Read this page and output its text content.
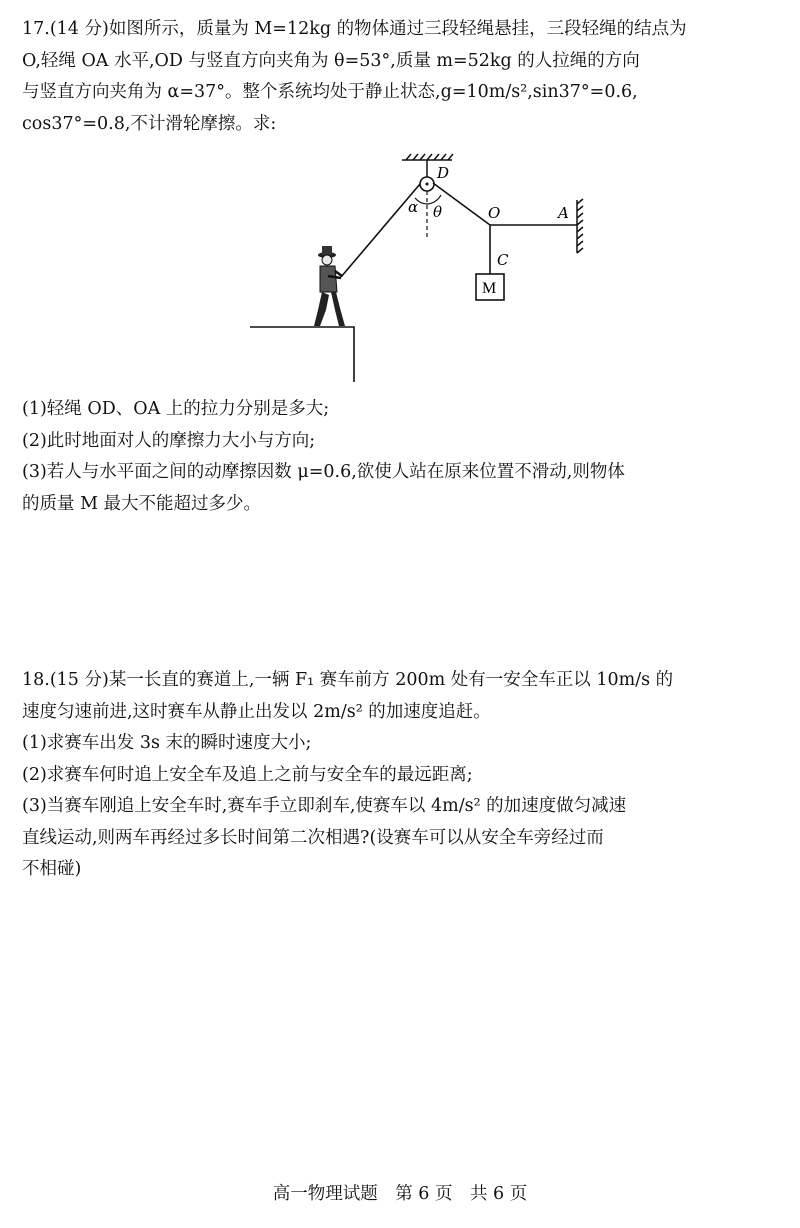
17.(14 分)如图所示，质量为 M=12kg 的物体通过三段轻绳悬挂，三段轻绳的结点为
O,轻绳 OA 水平,OD 与竖直方向夹角为 θ=53°,质量 m=52kg 的人拉绳的方向
与竖直方向夹角为 α=37°。整个系统均处于静止状态,g=10m/s²,sin37°=0.6,
cos37°=0.8,不计滑轮摩擦。求:
D
α θ	O	A
C
M
(1)轻绳 OD、OA 上的拉力分别是多大;
(2)此时地面对人的摩擦力大小与方向;
(3)若人与水平面之间的动摩擦因数 μ=0.6,欲使人站在原来位置不滑动,则物体
的质量 M 最大不能超过多少。
18.(15 分)某一长直的赛道上,一辆 F₁ 赛车前方 200m 处有一安全车正以 10m/s 的
速度匀速前进,这时赛车从静止出发以 2m/s² 的加速度追赶。
(1)求赛车出发 3s 末的瞬时速度大小;
(2)求赛车何时追上安全车及追上之前与安全车的最远距离;
(3)当赛车刚追上安全车时,赛车手立即刹车,使赛车以 4m/s² 的加速度做匀减速
直线运动,则两车再经过多长时间第二次相遇?(设赛车可以从安全车旁经过而
不相碰)
高一物理试题　第 6 页　共 6 页
